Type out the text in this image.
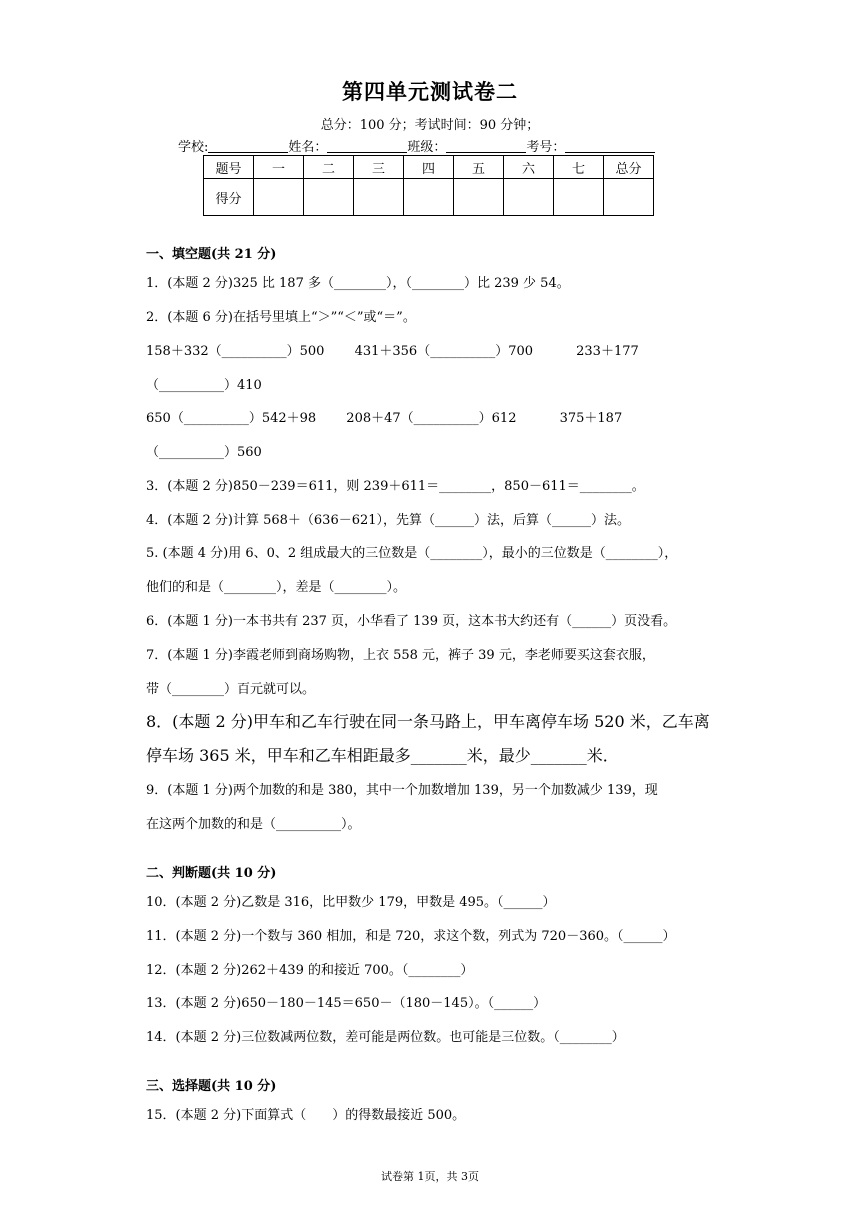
第四单元测试卷二
总分：100 分；考试时间：90 分钟；
学校:	姓名：	班级：	考号：
题号	一	二	三	四	五	六	七	总分
得分								
一、填空题(共 21 分)
1．(本题 2 分)325 比 187 多（________），（________）比 239 少 54。
2．(本题 6 分)在括号里填上“＞”“＜”或“＝”。
158＋332（__________）500　　 431＋356（__________）700　　　 233＋177
（__________）410
650（__________）542＋98　　 208＋47（__________）612　　　 375＋187
（__________）560
3．(本题 2 分)850－239＝611，则 239＋611＝________，850－611＝________。
4．(本题 2 分)计算 568＋（636－621），先算（______）法，后算（______）法。
5. (本题 4 分)用 6、0、2 组成最大的三位数是（________），最小的三位数是（________），
他们的和是（________），差是（________）。
6．(本题 1 分)一本书共有 237 页，小华看了 139 页，这本书大约还有（______）页没看。
7．(本题 1 分)李霞老师到商场购物，上衣 558 元，裤子 39 元，李老师要买这套衣服，
带（________）百元就可以。
8．(本题 2 分)甲车和乙车行驶在同一条马路上，甲车离停车场 520 米，乙车离
停车场 365 米，甲车和乙车相距最多_______米，最少_______米．
9．(本题 1 分)两个加数的和是 380，其中一个加数增加 139，另一个加数减少 139，现
在这两个加数的和是（__________）。
二、判断题(共 10 分)
10．(本题 2 分)乙数是 316，比甲数少 179，甲数是 495。（______）
11．(本题 2 分)一个数与 360 相加，和是 720，求这个数，列式为 720－360。（______）
12．(本题 2 分)262＋439 的和接近 700。（________）
13．(本题 2 分)650－180－145＝650－（180－145）。（______）
14．(本题 2 分)三位数减两位数，差可能是两位数。也可能是三位数。（________）
三、选择题(共 10 分)
15．(本题 2 分)下面算式（　　）的得数最接近 500。
试卷第 1页，共 3页
